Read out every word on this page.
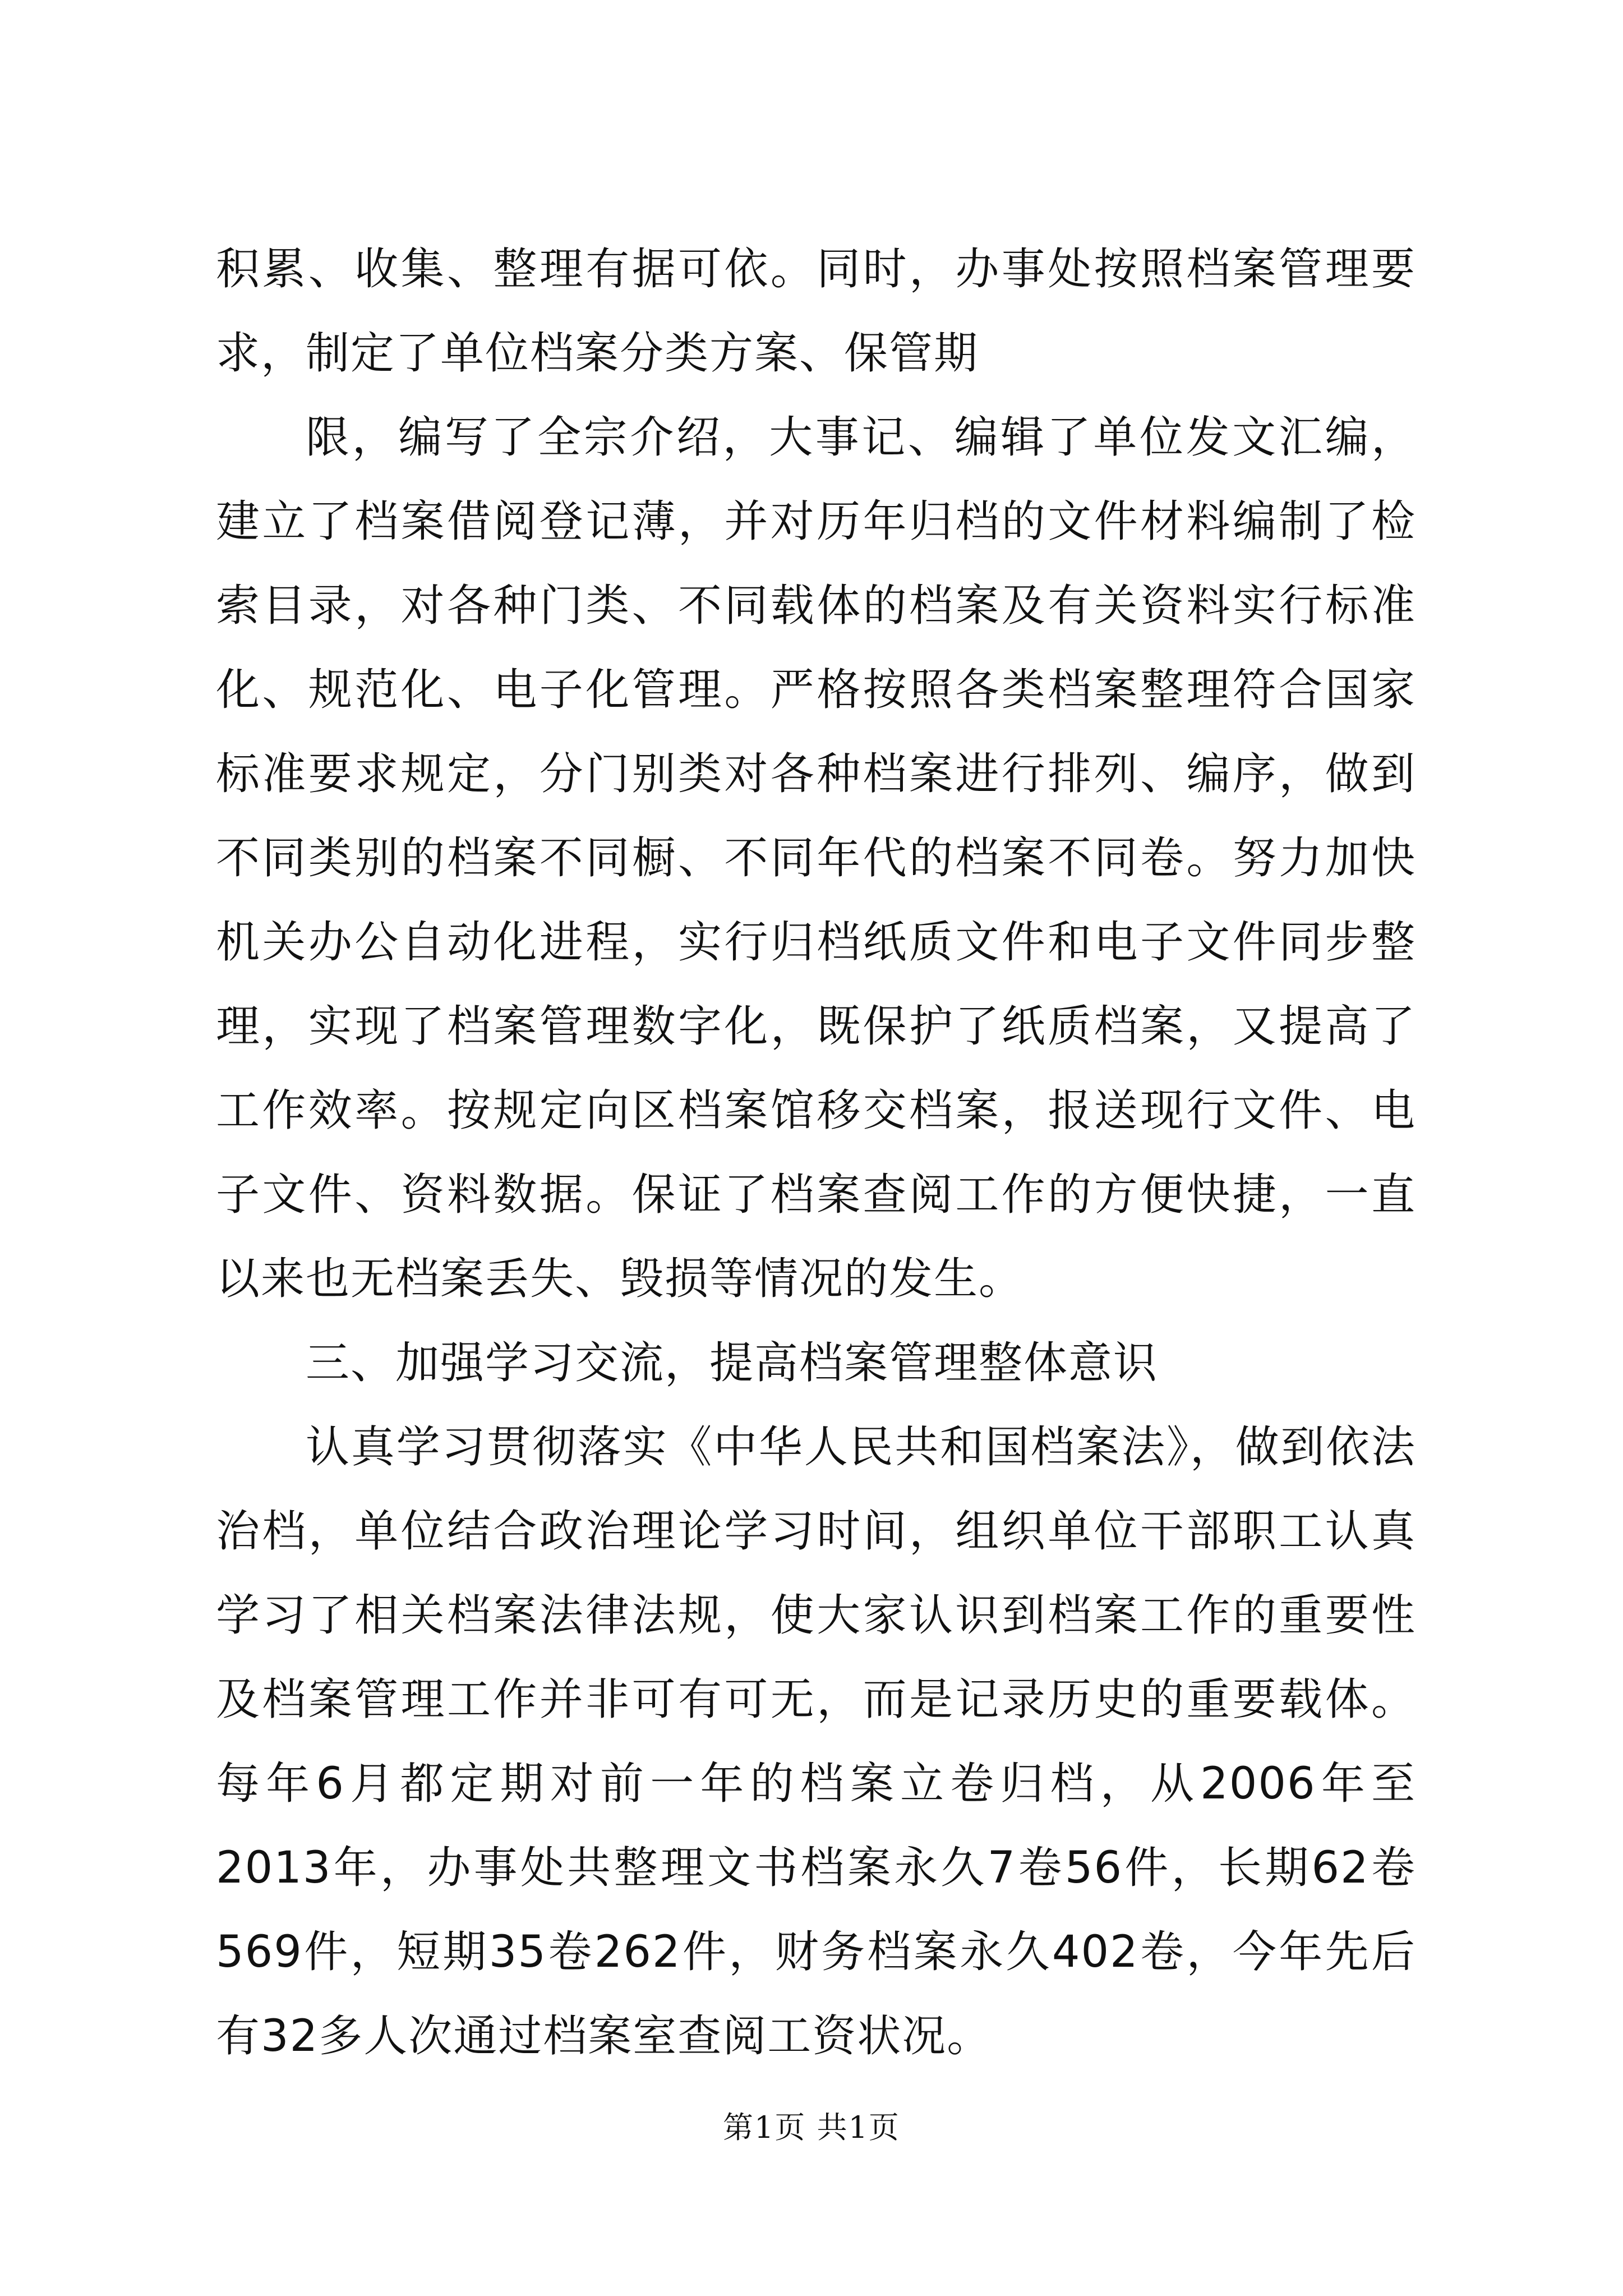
积累、收集、整理有据可依。同时，办事处按照档案管理要求，制定了单位档案分类方案、保管期

限，编写了全宗介绍，大事记、编辑了单位发文汇编，建立了档案借阅登记薄，并对历年归档的文件材料编制了检索目录，对各种门类、不同载体的档案及有关资料实行标准化、规范化、电子化管理。严格按照各类档案整理符合国家标准要求规定，分门别类对各种档案进行排列、编序，做到不同类别的档案不同橱、不同年代的档案不同卷。努力加快机关办公自动化进程，实行归档纸质文件和电子文件同步整理，实现了档案管理数字化，既保护了纸质档案，又提高了工作效率。按规定向区档案馆移交档案，报送现行文件、电子文件、资料数据。保证了档案查阅工作的方便快捷，一直以来也无档案丢失、毁损等情况的发生。

三、加强学习交流，提高档案管理整体意识

认真学习贯彻落实《中华人民共和国档案法》，做到依法治档，单位结合政治理论学习时间，组织单位干部职工认真学习了相关档案法律法规，使大家认识到档案工作的重要性及档案管理工作并非可有可无，而是记录历史的重要载体。每年6月都定期对前一年的档案立卷归档，从2006年至2013年，办事处共整理文书档案永久7卷56件，长期62卷569件，短期35卷262件，财务档案永久402卷，今年先后有32多人次通过档案室查阅工资状况。

第1页 共1页
